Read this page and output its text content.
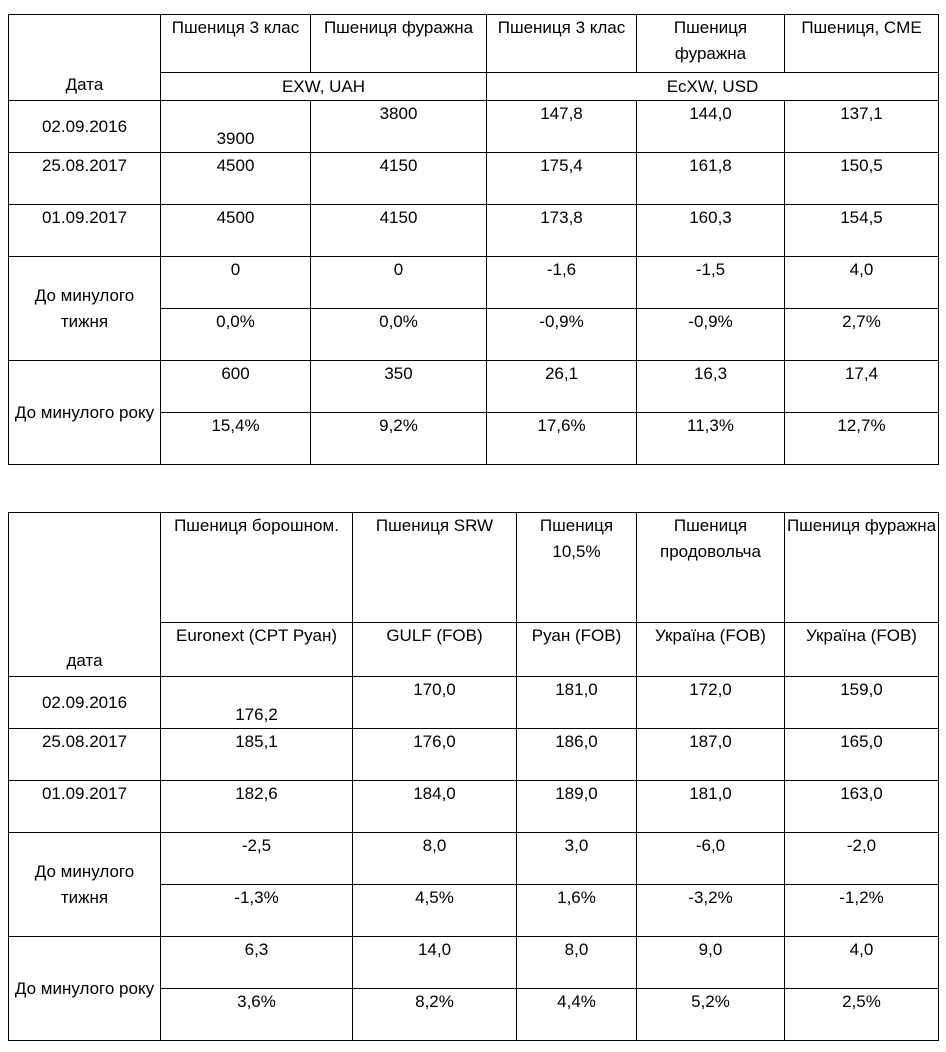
Дата	Пшениця 3 клас	Пшениця фуражна	Пшениця 3 клас	Пшениця фуражна	Пшениця, CME
	EXW, UAH		EcXW, USD		
02.09.2016	3900	3800	147,8	144,0	137,1
25.08.2017	4500	4150	175,4	161,8	150,5
01.09.2017	4500	4150	173,8	160,3	154,5
До минулого тижня	0	0	-1,6	-1,5	4,0
	0,0%	0,0%	-0,9%	-0,9%	2,7%
До минулого року	600	350	26,1	16,3	17,4
	15,4%	9,2%	17,6%	11,3%	12,7%
дата	Пшениця борошном.	Пшениця SRW	Пшениця 10,5%	Пшениця продовольча	Пшениця фуражна
	Euronext (CPT Руан)	GULF (FOB)	Руан (FOB)	Україна (FOB)	Україна (FOB)
02.09.2016	176,2	170,0	181,0	172,0	159,0
25.08.2017	185,1	176,0	186,0	187,0	165,0
01.09.2017	182,6	184,0	189,0	181,0	163,0
До минулого тижня	-2,5	8,0	3,0	-6,0	-2,0
	-1,3%	4,5%	1,6%	-3,2%	-1,2%
До минулого року	6,3	14,0	8,0	9,0	4,0
	3,6%	8,2%	4,4%	5,2%	2,5%
